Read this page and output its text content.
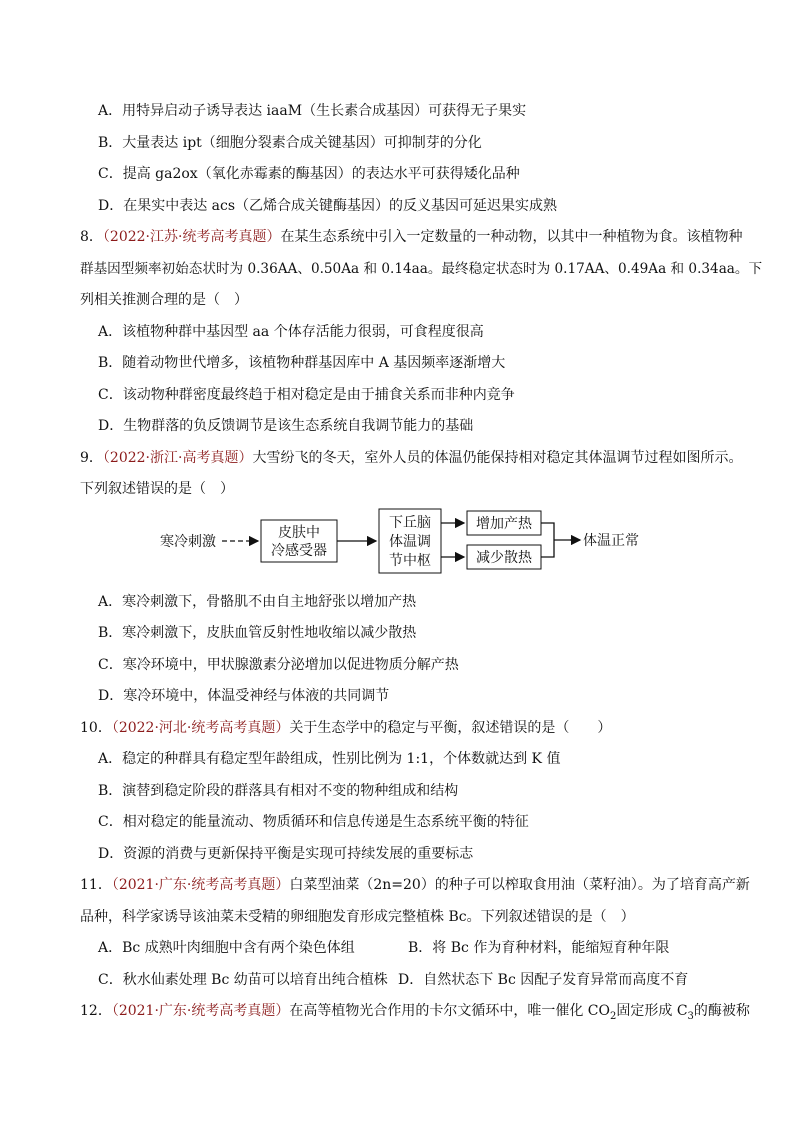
A．用特异启动子诱导表达 iaaM（生长素合成基因）可获得无子果实
B．大量表达 ipt（细胞分裂素合成关键基因）可抑制芽的分化
C．提高 ga2ox（氧化赤霉素的酶基因）的表达水平可获得矮化品种
D．在果实中表达 acs（乙烯合成关键酶基因）的反义基因可延迟果实成熟
8．（2022·江苏·统考高考真题）在某生态系统中引入一定数量的一种动物，以其中一种植物为食。该植物种
群基因型频率初始态状时为 0.36AA、0.50Aa 和 0.14aa。最终稳定状态时为 0.17AA、0.49Aa 和 0.34aa。下
列相关推测合理的是（　）
A．该植物种群中基因型 aa 个体存活能力很弱，可食程度很高
B．随着动物世代增多，该植物种群基因库中 A 基因频率逐渐增大
C．该动物种群密度最终趋于相对稳定是由于捕食关系而非种内竞争
D．生物群落的负反馈调节是该生态系统自我调节能力的基础
9．（2022·浙江·高考真题）大雪纷飞的冬天，室外人员的体温仍能保持相对稳定其体温调节过程如图所示。
下列叙述错误的是（　）
寒冷刺激
皮肤中
冷感受器
下丘脑
体温调
节中枢
增加产热
减少散热
体温正常
A．寒冷刺激下，骨骼肌不由自主地舒张以增加产热
B．寒冷刺激下，皮肤血管反射性地收缩以减少散热
C．寒冷环境中，甲状腺激素分泌增加以促进物质分解产热
D．寒冷环境中，体温受神经与体液的共同调节
10．（2022·河北·统考高考真题）关于生态学中的稳定与平衡，叙述错误的是（　　）
A．稳定的种群具有稳定型年龄组成，性别比例为 1:1，个体数就达到 K 值
B．演替到稳定阶段的群落具有相对不变的物种组成和结构
C．相对稳定的能量流动、物质循环和信息传递是生态系统平衡的特征
D．资源的消费与更新保持平衡是实现可持续发展的重要标志
11．（2021·广东·统考高考真题）白菜型油菜（2n=20）的种子可以榨取食用油（菜籽油）。为了培育高产新
品种，科学家诱导该油菜未受精的卵细胞发育形成完整植株 Bc。下列叙述错误的是（　）
A．Bc 成熟叶肉细胞中含有两个染色体组	B．将 Bc 作为育种材料，能缩短育种年限
C．秋水仙素处理 Bc 幼苗可以培育出纯合植株 D．自然状态下 Bc 因配子发育异常而高度不育
12．（2021·广东·统考高考真题）在高等植物光合作用的卡尔文循环中，唯一催化 $CO_2$固定形成 $C_3$的酶被称
